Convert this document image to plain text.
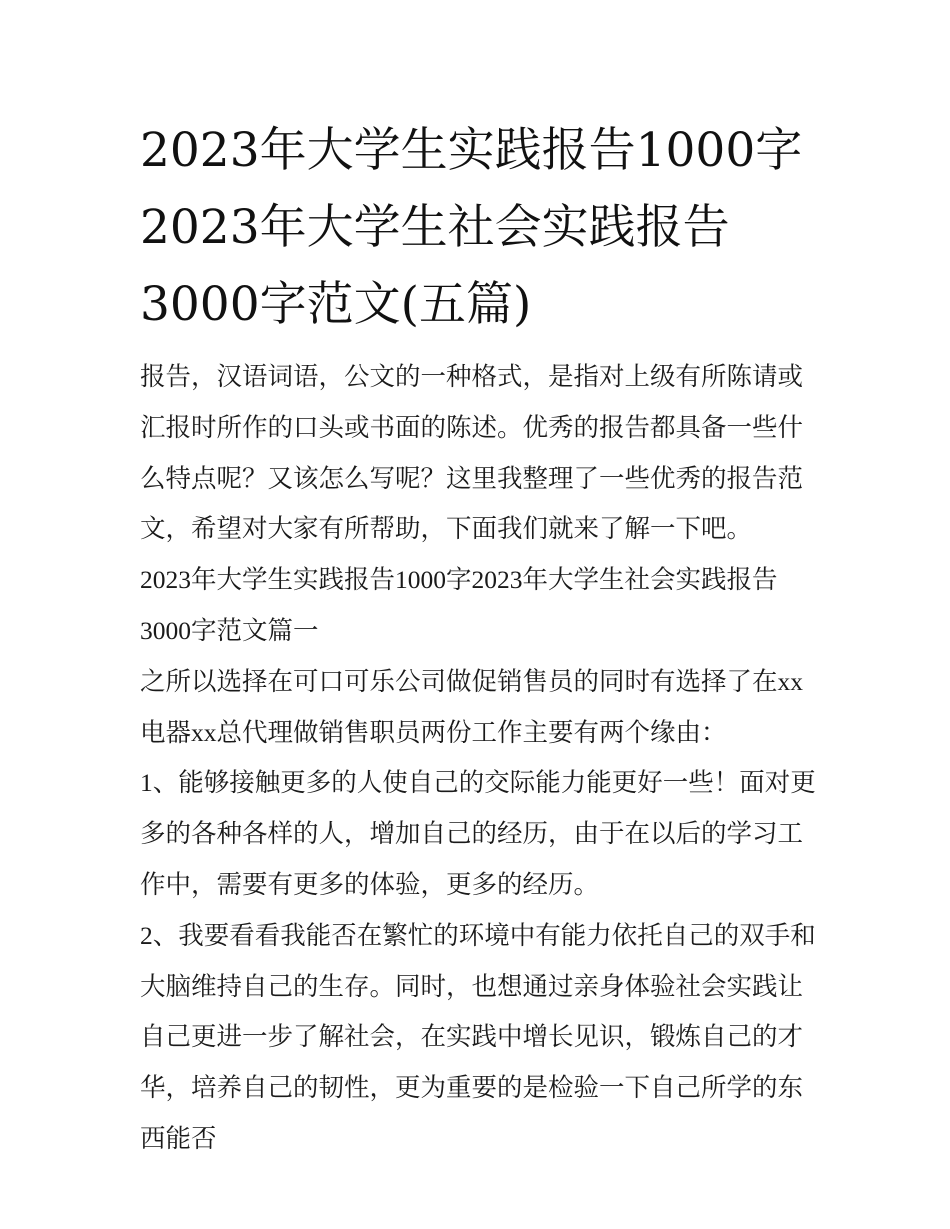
2023年大学生实践报告1000字2023年大学生社会实践报告3000字范文(五篇)

报告，汉语词语，公文的一种格式，是指对上级有所陈请或汇报时所作的口头或书面的陈述。优秀的报告都具备一些什么特点呢？又该怎么写呢？这里我整理了一些优秀的报告范文，希望对大家有所帮助，下面我们就来了解一下吧。

2023年大学生实践报告1000字2023年大学生社会实践报告3000字范文篇一

之所以选择在可口可乐公司做促销售员的同时有选择了在xx电器xx总代理做销售职员两份工作主要有两个缘由：

1、能够接触更多的人使自己的交际能力能更好一些！面对更多的各种各样的人，增加自己的经历，由于在以后的学习工作中，需要有更多的体验，更多的经历。

2、我要看看我能否在繁忙的环境中有能力依托自己的双手和大脑维持自己的生存。同时，也想通过亲身体验社会实践让自己更进一步了解社会，在实践中增长见识，锻炼自己的才华，培养自己的韧性，更为重要的是检验一下自己所学的东西能否
